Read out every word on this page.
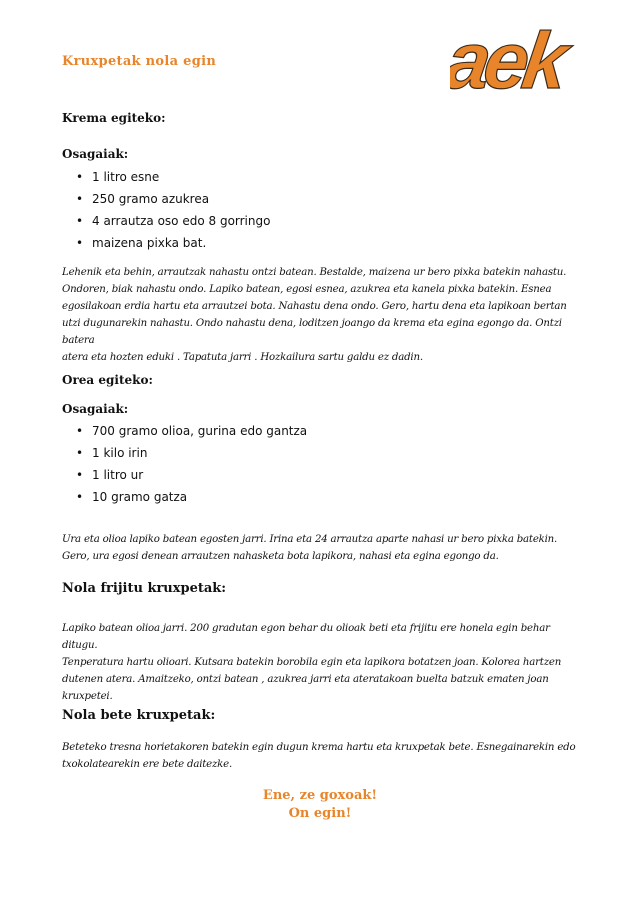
Kruxpetak nola egin	aek
Krema egiteko:
Osagaiak:
• 1 litro esne
• 250 gramo azukrea
• 4 arrautza oso edo 8 gorringo
• maizena pixka bat.
Lehenik eta behin, arrautzak nahastu ontzi batean. Bestalde, maizena ur bero pixka batekin nahastu.
Ondoren, biak nahastu ondo. Lapiko batean, egosi esnea, azukrea eta kanela pixka batekin. Esnea
egosilakoan erdia hartu eta arrautzei bota. Nahastu dena ondo. Gero, hartu dena eta lapikoan bertan
utzi dugunarekin nahastu. Ondo nahastu dena, loditzen joango da krema eta egina egongo da. Ontzi batera
atera eta hozten eduki . Tapatuta jarri . Hozkailura sartu galdu ez dadin.
Orea egiteko:
Osagaiak:
• 700 gramo olioa, gurina edo gantza
• 1 kilo irin
• 1 litro ur
• 10 gramo gatza
Ura eta olioa lapiko batean egosten jarri. Irina eta 24 arrautza aparte nahasi ur bero pixka batekin.
Gero, ura egosi denean arrautzen nahasketa bota lapikora, nahasi eta egina egongo da.
Nola frijitu kruxpetak:
Lapiko batean olioa jarri. 200 gradutan egon behar du olioak beti eta frijitu ere honela egin behar ditugu.
Tenperatura hartu olioari. Kutsara batekin borobila egin eta lapikora botatzen joan. Kolorea hartzen
dutenen atera. Amaitzeko, ontzi batean , azukrea jarri eta ateratakoan buelta batzuk ematen joan
kruxpetei.
Nola bete kruxpetak:
Beteteko tresna horietakoren batekin egin dugun krema hartu eta kruxpetak bete. Esnegainarekin edo
txokolatearekin ere bete daitezke.
Ene, ze goxoak!
On egin!
